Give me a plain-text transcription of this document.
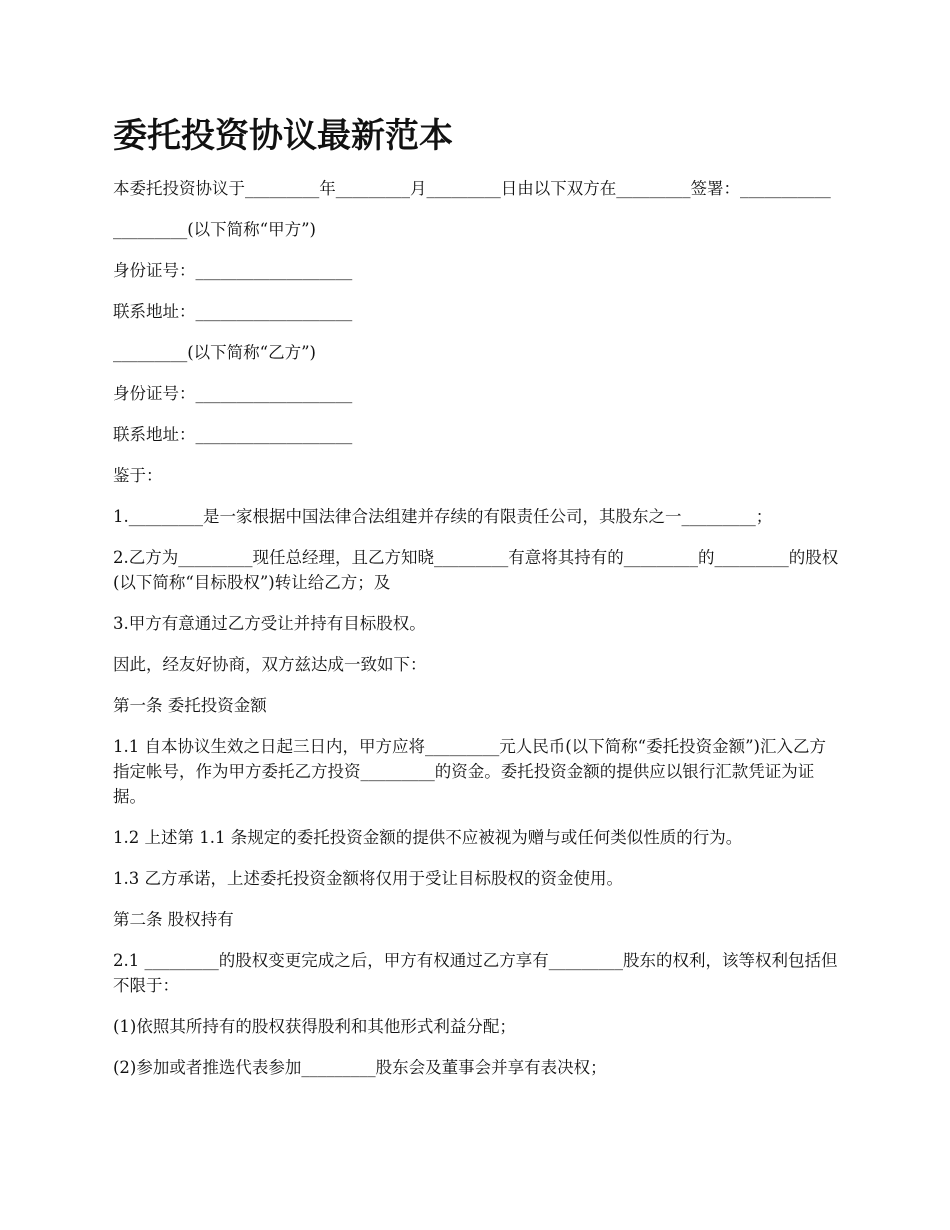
委托投资协议最新范本

本委托投资协议于_________年_________月_________日由以下双方在_________签署：___________

_________(以下简称“甲方”)

身份证号：___________________

联系地址：___________________

_________(以下简称“乙方”)

身份证号：___________________

联系地址：___________________

鉴于：

1._________是一家根据中国法律合法组建并存续的有限责任公司，其股东之一_________；

2.乙方为_________现任总经理，且乙方知晓_________有意将其持有的_________的_________的股权(以下简称“目标股权”)转让给乙方；及

3.甲方有意通过乙方受让并持有目标股权。

因此，经友好协商，双方兹达成一致如下：

第一条 委托投资金额

1.1 自本协议生效之日起三日内，甲方应将_________元人民币(以下简称“委托投资金额”)汇入乙方指定帐号，作为甲方委托乙方投资_________的资金。委托投资金额的提供应以银行汇款凭证为证据。

1.2 上述第 1.1 条规定的委托投资金额的提供不应被视为赠与或任何类似性质的行为。

1.3 乙方承诺，上述委托投资金额将仅用于受让目标股权的资金使用。

第二条 股权持有

2.1 _________的股权变更完成之后，甲方有权通过乙方享有_________股东的权利，该等权利包括但不限于：

(1)依照其所持有的股权获得股利和其他形式利益分配；

(2)参加或者推选代表参加_________股东会及董事会并享有表决权；
